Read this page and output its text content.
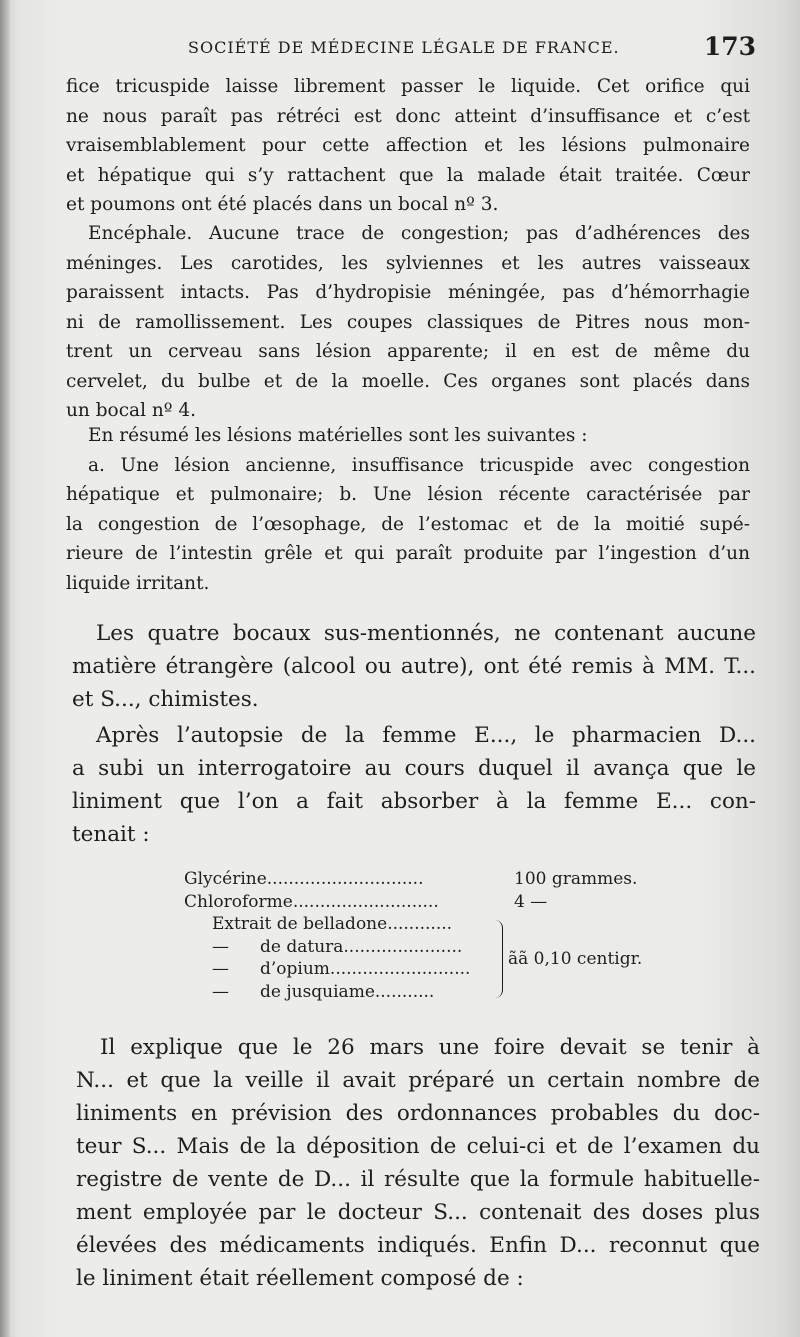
SOCIÉTÉ DE MÉDECINE LÉGALE DE FRANCE.	173
fice tricuspide laisse librement passer le liquide. Cet orifice qui
ne nous paraît pas rétréci est donc atteint d’insuffisance et c’est
vraisemblablement pour cette affection et les lésions pulmonaire
et hépatique qui s’y rattachent que la malade était traitée. Cœur
et poumons ont été placés dans un bocal nº 3.
Encéphale. Aucune trace de congestion; pas d’adhérences des
méninges. Les carotides, les sylviennes et les autres vaisseaux
paraissent intacts. Pas d’hydropisie méningée, pas d’hémorrhagie
ni de ramollissement. Les coupes classiques de Pitres nous mon-
trent un cerveau sans lésion apparente; il en est de même du
cervelet, du bulbe et de la moelle. Ces organes sont placés dans
un bocal nº 4.
En résumé les lésions matérielles sont les suivantes :
a. Une lésion ancienne, insuffisance tricuspide avec congestion
hépatique et pulmonaire; b. Une lésion récente caractérisée par
la congestion de l’œsophage, de l’estomac et de la moitié supé-
rieure de l’intestin grêle et qui paraît produite par l’ingestion d’un
liquide irritant.
Les quatre bocaux sus-mentionnés, ne contenant aucune
matière étrangère (alcool ou autre), ont été remis à MM. T...
et S..., chimistes.
Après l’autopsie de la femme E..., le pharmacien D...
a subi un interrogatoire au cours duquel il avança que le
liniment que l’on a fait absorber à la femme E... con-
tenait :
Glycérine.............................	100 grammes.
Chloroforme...........................	4 —
Extrait de belladone............
— de datura......................
— d’opium..........................
— de jusquiame...........
ãã 0,10 centigr.
Il explique que le 26 mars une foire devait se tenir à
N... et que la veille il avait préparé un certain nombre de
liniments en prévision des ordonnances probables du doc-
teur S... Mais de la déposition de celui-ci et de l’examen du
registre de vente de D... il résulte que la formule habituelle-
ment employée par le docteur S... contenait des doses plus
élevées des médicaments indiqués. Enfin D... reconnut que
le liniment était réellement composé de :
